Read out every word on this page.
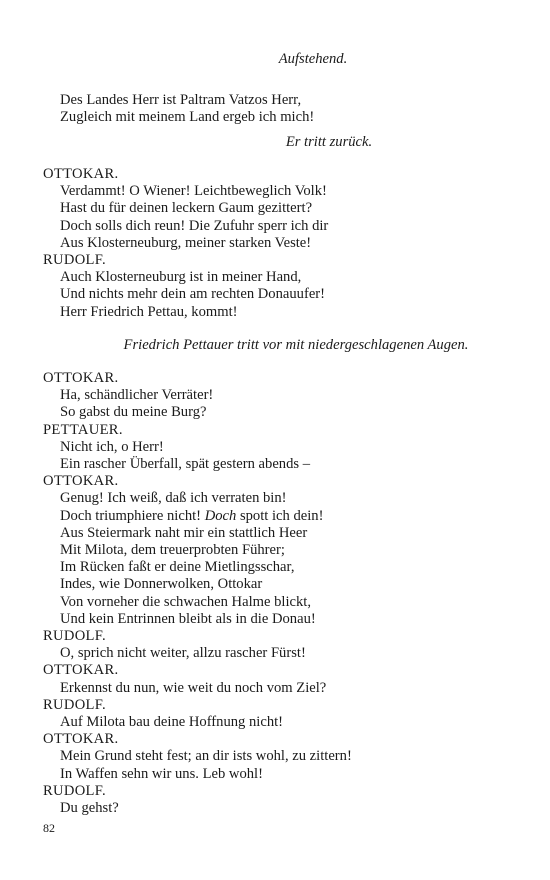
Aufstehend.
Des Landes Herr ist Paltram Vatzos Herr,
Zugleich mit meinem Land ergeb ich mich!
Er tritt zurück.
OTTOKAR.
Verdammt! O Wiener! Leichtbeweglich Volk!
Hast du für deinen leckern Gaum gezittert?
Doch solls dich reun! Die Zufuhr sperr ich dir
Aus Klosterneuburg, meiner starken Veste!
RUDOLF.
Auch Klosterneuburg ist in meiner Hand,
Und nichts mehr dein am rechten Donauufer!
Herr Friedrich Pettau, kommt!
Friedrich Pettauer tritt vor mit niedergeschlagenen Augen.
OTTOKAR.
Ha, schändlicher Verräter!
So gabst du meine Burg?
PETTAUER.
Nicht ich, o Herr!
Ein rascher Überfall, spät gestern abends –
OTTOKAR.
Genug! Ich weiß, daß ich verraten bin!
Doch triumphiere nicht! Doch spott ich dein!
Aus Steiermark naht mir ein stattlich Heer
Mit Milota, dem treuerprobten Führer;
Im Rücken faßt er deine Mietlingsschar,
Indes, wie Donnerwolken, Ottokar
Von vorneher die schwachen Halme blickt,
Und kein Entrinnen bleibt als in die Donau!
RUDOLF.
O, sprich nicht weiter, allzu rascher Fürst!
OTTOKAR.
Erkennst du nun, wie weit du noch vom Ziel?
RUDOLF.
Auf Milota bau deine Hoffnung nicht!
OTTOKAR.
Mein Grund steht fest; an dir ists wohl, zu zittern!
In Waffen sehn wir uns. Leb wohl!
RUDOLF.
Du gehst?
82
